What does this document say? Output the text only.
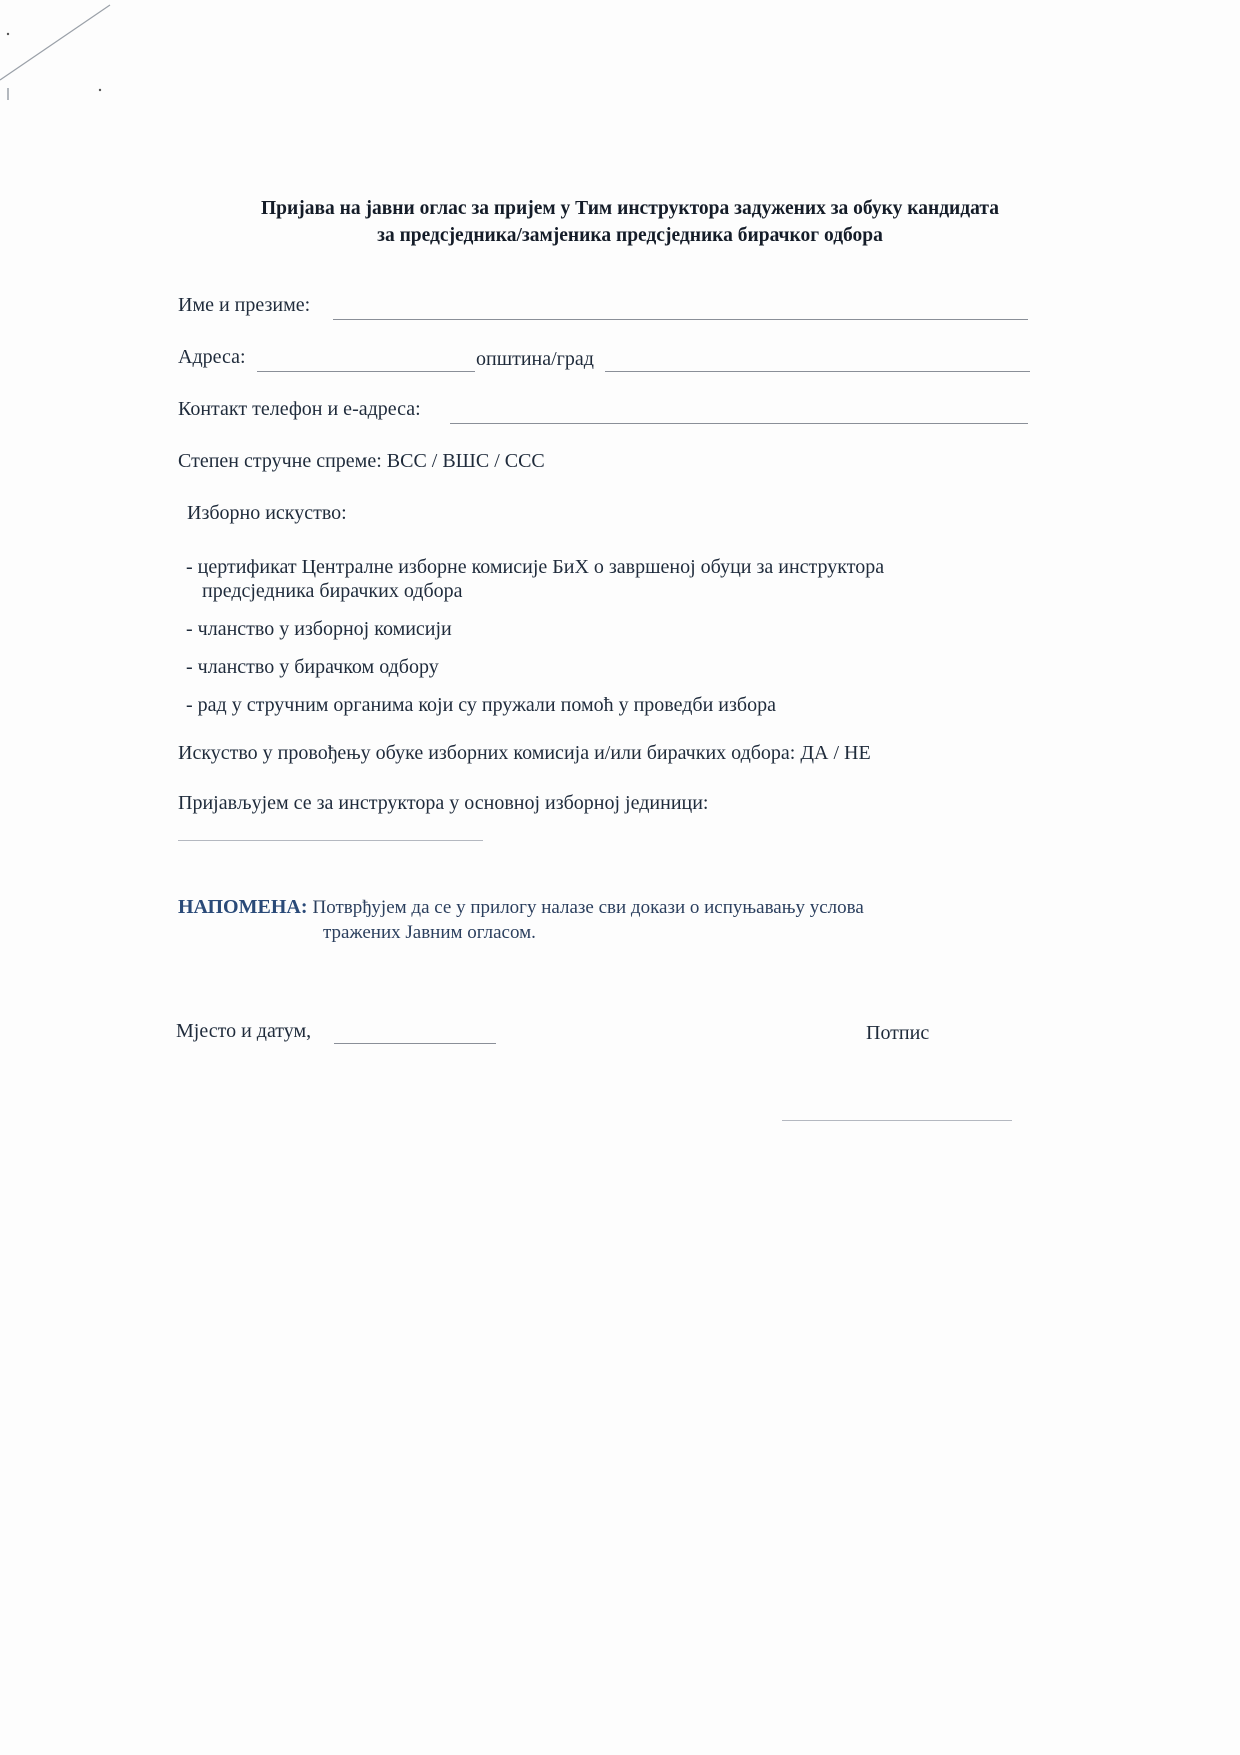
Пријава на јавни оглас за пријем у Тим инструктора задужених за обуку кандидата
за предсједника/замјеника предсједника бирачког одбора
Име и презиме:
Адреса:	општина/град
Контакт телефон и е-адреса:
Степен стручне спреме: ВСС / ВШС / ССС
Изборно искуство:
- цертификат Централне изборне комисије БиХ о завршеној обуци за инструктора
предсједника бирачких одбора
- чланство у изборној комисији
- чланство у бирачком одбору
- рад у стручним органима који су пружали помоћ у проведби избора
Искуство у провођењу обуке изборних комисија и/или бирачких одбора: ДА / НЕ
Пријављујем се за инструктора у основној изборној јединици:
НАПОМЕНА: Потврђујем да се у прилогу налазе сви докази о испуњавању услова
тражених Јавним огласом.
Мјесто и датум,	Потпис
